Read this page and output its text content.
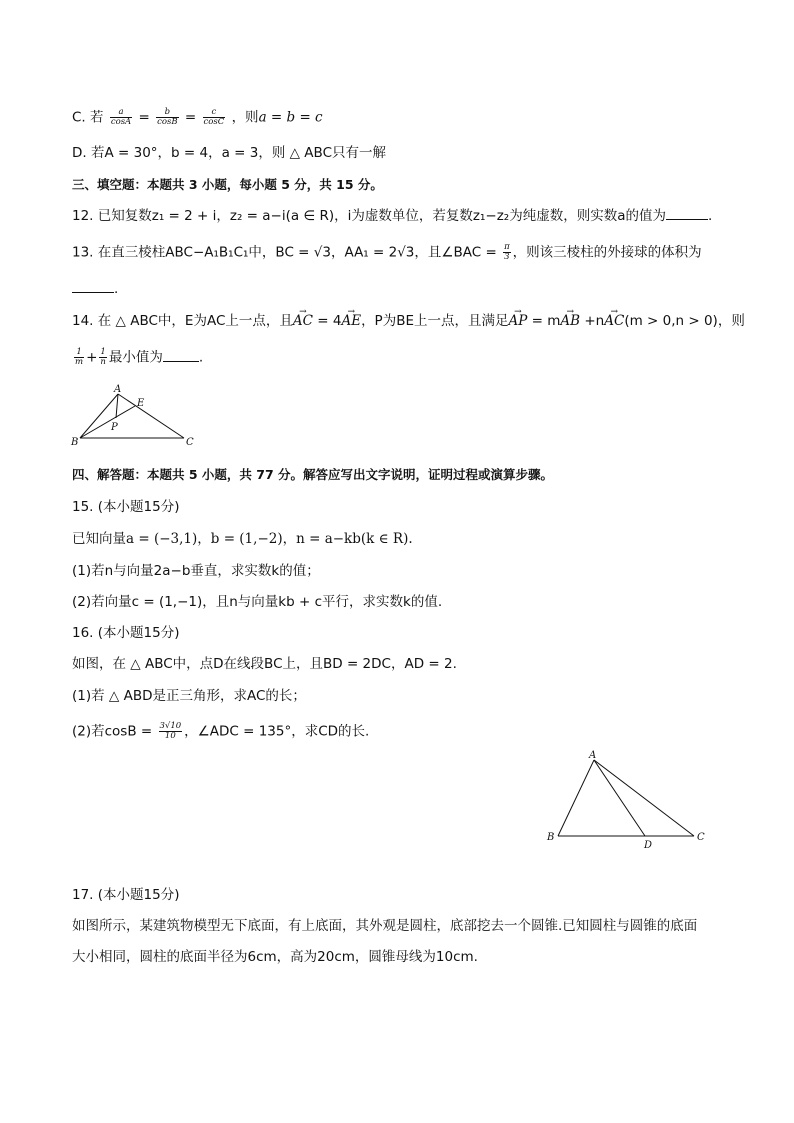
C. 若 $\frac{a}{\cos A} = \frac{b}{\cos B} = \frac{c}{\cos C}$ ，则a = b = c
D. 若A = 30°，b = 4，a = 3，则 △ ABC只有一解
三、填空题：本题共 3 小题，每小题 5 分，共 15 分。
12. 已知复数z₁ = 2 + i，z₂ = a−i(a ∈ R)，i为虚数单位，若复数z₁−z₂为纯虚数，则实数a的值为	.
13. 在直三棱柱ABC−A₁B₁C₁中，BC = √3，AA₁ = 2√3，且∠BAC = $\frac{\pi}{3}$ ，则该三棱柱的外接球的体积为
.
14. 在 △ ABC中，E为AC上一点，且→ AC = 4→ AE，P为BE上一点，且满足→ AP = m→ AB +n→ AC(m > 0,n > 0)，则
$\frac{1}{m} + \frac{1}{n}$ 最小值为	.
A
E
P
B	C
四、解答题：本题共 5 小题，共 77 分。解答应写出文字说明，证明过程或演算步骤。
15. (本小题15分)
已知向量a = (−3,1)，b = (1,−2)，n = a−kb(k ∈ R).
(1)若n与向量2a−b垂直，求实数k的值；
(2)若向量c = (1,−1)，且n与向量kb + c平行，求实数k的值.
16. (本小题15分)
如图，在 △ ABC中，点D在线段BC上，且BD = 2DC，AD = 2.
(1)若 △ ABD是正三角形，求AC的长；
(2)若$\cos B = \frac{3√10}{10}$ ，∠ADC = 135°，求CD的长.
A
B
D
C
17. (本小题15分)
如图所示，某建筑物模型无下底面，有上底面，其外观是圆柱，底部挖去一个圆锥.已知圆柱与圆锥的底面
大小相同，圆柱的底面半径为6cm，高为20cm，圆锥母线为10cm.
